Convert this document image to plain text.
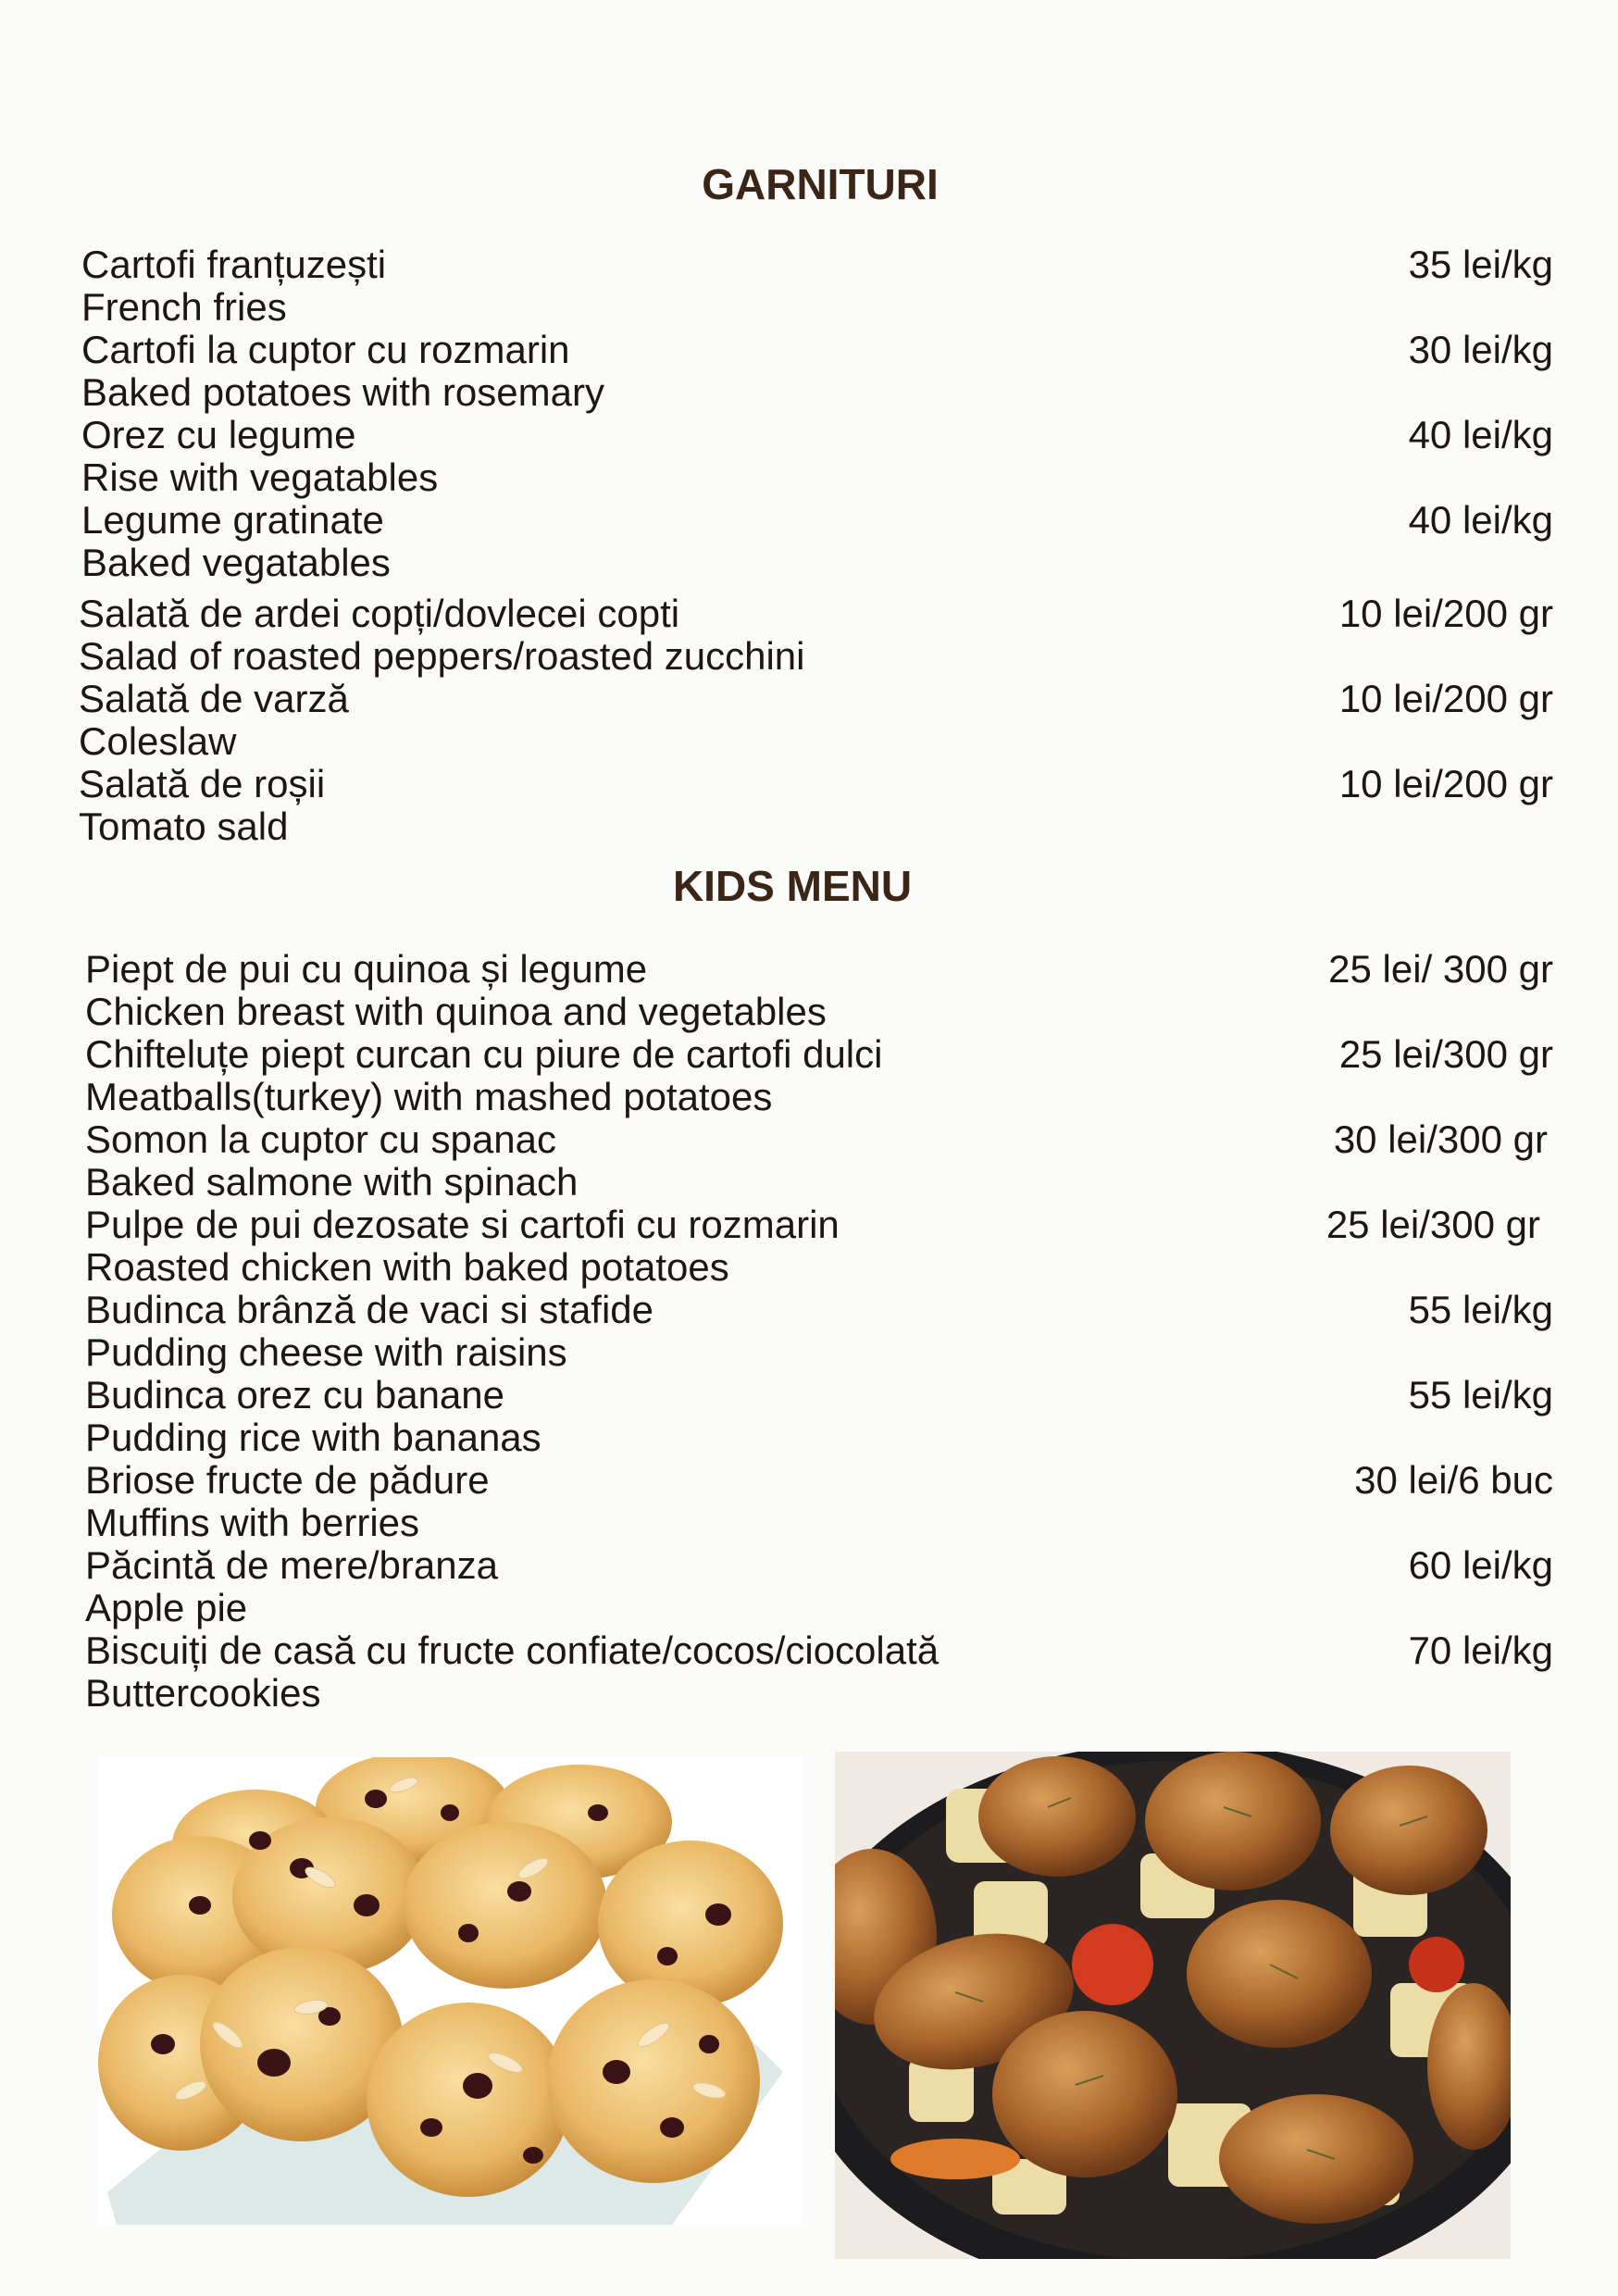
GARNITURI
Cartofi franțuzești
French fries
35 lei/kg
Cartofi la cuptor cu rozmarin
Baked potatoes with rosemary
30 lei/kg
Orez cu legume
Rise with vegatables
40 lei/kg
Legume gratinate
Baked vegatables
40 lei/kg
Salată de ardei copți/dovlecei copti
Salad of roasted peppers/roasted zucchini
10 lei/200 gr
Salată de varză
Coleslaw
10 lei/200 gr
Salată de roșii
Tomato sald
10 lei/200 gr
KIDS MENU
Piept de pui cu quinoa și legume
Chicken breast with quinoa and vegetables
25 lei/ 300 gr
Chifteluțe piept curcan cu piure de cartofi dulci
Meatballs(turkey) with mashed potatoes
25 lei/300 gr
Somon la cuptor cu spanac
Baked salmone with spinach
30 lei/300 gr
Pulpe de pui dezosate si cartofi cu rozmarin
Roasted chicken with baked potatoes
25 lei/300 gr
Budinca brânză de vaci si stafide
Pudding cheese with raisins
55 lei/kg
Budinca orez cu banane
Pudding rice with bananas
55 lei/kg
Briose fructe de pădure
Muffins with berries
30 lei/6 buc
Păcintă de mere/branza
Apple pie
60 lei/kg
Biscuiți de casă cu fructe confiate/cocos/ciocolată
Buttercookies
70 lei/kg
